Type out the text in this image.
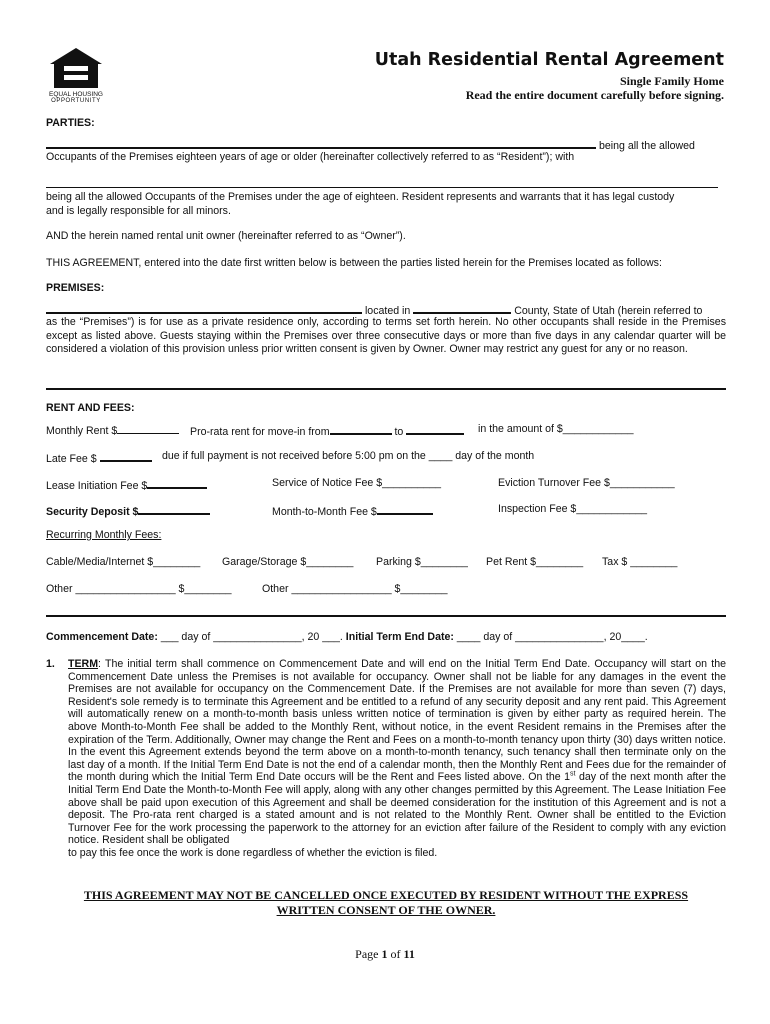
EQUAL HOUSING
OPPORTUNITY
Utah Residential Rental Agreement
Single Family Home
Read the entire document carefully before signing.
PARTIES:
being all the allowed
Occupants of the Premises eighteen years of age or older (hereinafter collectively referred to as “Resident”); with
being all the allowed Occupants of the Premises under the age of eighteen. Resident represents and warrants that it has legal custody
and is legally responsible for all minors.
AND the herein named rental unit owner (hereinafter referred to as “Owner”).
THIS AGREEMENT, entered into the date first written below is between the parties listed herein for the Premises located as follows:
PREMISES:
located in	County, State of Utah (herein referred to
as the “Premises”) is for use as a private residence only, according to terms set forth herein. No other occupants shall reside in the Premises except as listed above. Guests staying within the Premises over three consecutive days or more than five days in any calendar quarter will be considered a violation of this provision unless prior written consent is given by Owner. Owner may restrict any guest for any or no reason.
RENT AND FEES:
Monthly Rent $	Pro-rata rent for move-in from	to	in the amount of $____________
Late Fee $	due if full payment is not received before 5:00 pm on the ____ day of the month
Lease Initiation Fee $	Service of Notice Fee $__________	Eviction Turnover Fee $___________
Security Deposit $	Month-to-Month Fee $	Inspection Fee $____________
Recurring Monthly Fees:
Cable/Media/Internet $________ Garage/Storage $________ Parking $________ Pet Rent $________ Tax $ ________
Other _________________ $________	Other _________________ $________
Commencement Date: ___ day of _______________, 20 ___. Initial Term End Date: ____ day of _______________, 20____.
1. TERM: The initial term shall commence on Commencement Date and will end on the Initial Term End Date. Occupancy will start on the Commencement Date unless the Premises is not available for occupancy. Owner shall not be liable for any damages in the event the Premises are not available for occupancy on the Commencement Date. If the Premises are not available for more than seven (7) days, Resident's sole remedy is to terminate this Agreement and be entitled to a refund of any security deposit and any rent paid. This Agreement will automatically renew on a month-to-month basis unless written notice of termination is given by either party as required herein. The above Month-to-Month Fee shall be added to the Monthly Rent, without notice, in the event Resident remains in the Premises after the expiration of the Term. Additionally, Owner may change the Rent and Fees on a month-to-month tenancy upon thirty (30) days written notice. In the event this Agreement extends beyond the term above on a month-to-month tenancy, such tenancy shall then terminate only on the last day of a month. If the Initial Term End Date is not the end of a calendar month, then the Monthly Rent and Fees due for the remainder of the month during which the Initial Term End Date occurs will be the Rent and Fees listed above. On the 1st day of the next month after the Initial Term End Date the Month-to-Month Fee will apply, along with any other changes permitted by this Agreement. The Lease Initiation Fee above shall be paid upon execution of this Agreement and shall be deemed consideration for the institution of this Agreement and is not a deposit. The Pro-rata rent charged is a stated amount and is not related to the Monthly Rent. Owner shall be entitled to the Eviction Turnover Fee for the work processing the paperwork to the attorney for an eviction after failure of the Resident to comply with any eviction notice. Resident shall be obligated

to pay this fee once the work is done regardless of whether the eviction is filed.

THIS AGREEMENT MAY NOT BE CANCELLED ONCE EXECUTED BY RESIDENT WITHOUT THE EXPRESS
WRITTEN CONSENT OF THE OWNER.
Page 1 of 11
